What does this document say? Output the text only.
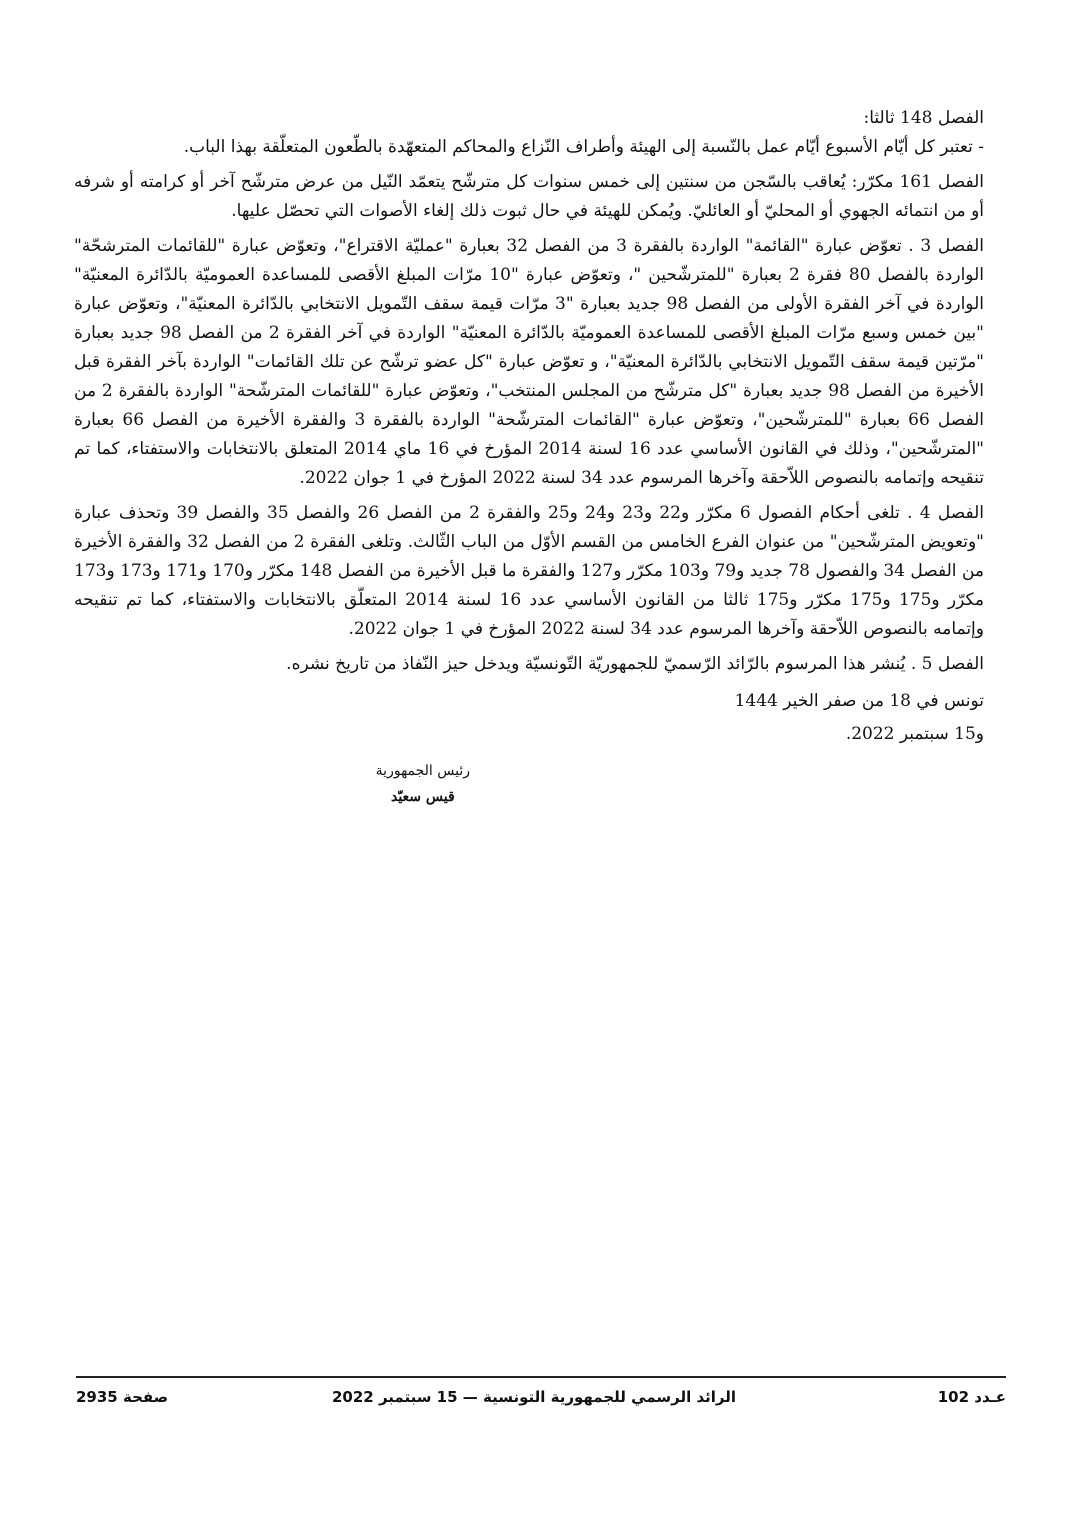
الفصل 148 ثالثا:

- تعتبر كل أيّام الأسبوع أيّام عمل بالنّسبة إلى الهيئة وأطراف النّزاع والمحاكم المتعهّدة بالطّعون المتعلّقة بهذا الباب.

الفصل 161 مكرّر: يُعاقب بالسّجن من سنتين إلى خمس سنوات كل مترشّح يتعمّد النّيل من عرض مترشّح آخر أو كرامته أو شرفه أو من انتمائه الجهوي أو المحليّ أو العائليّ. ويُمكن للهيئة في حال ثبوت ذلك إلغاء الأصوات التي تحصّل عليها.

الفصل 3 . تعوّض عبارة "القائمة" الواردة بالفقرة 3 من الفصل 32 بعبارة "عمليّة الاقتراع"، وتعوّض عبارة "للقائمات المترشحّة" الواردة بالفصل 80 فقرة 2 بعبارة "للمترشّحين "، وتعوّض عبارة "10 مرّات المبلغ الأقصى للمساعدة العموميّة بالدّائرة المعنيّة" الواردة في آخر الفقرة الأولى من الفصل 98 جديد بعبارة "3 مرّات قيمة سقف التّمويل الانتخابي بالدّائرة المعنيّة"، وتعوّض عبارة "بين خمس وسبع مرّات المبلغ الأقصى للمساعدة العموميّة بالدّائرة المعنيّة" الواردة في آخر الفقرة 2 من الفصل 98 جديد بعبارة "مرّتين قيمة سقف التّمويل الانتخابي بالدّائرة المعنيّة"، و تعوّض عبارة "كل عضو ترشّح عن تلك القائمات" الواردة بآخر الفقرة قبل الأخيرة من الفصل 98 جديد بعبارة "كل مترشّح من المجلس المنتخب"، وتعوّض عبارة "للقائمات المترشّحة" الواردة بالفقرة 2 من الفصل 66 بعبارة "للمترشّحين"، وتعوّض عبارة "القائمات المترشّحة" الواردة بالفقرة 3 والفقرة الأخيرة من الفصل 66 بعبارة "المترشّحين"، وذلك في القانون الأساسي عدد 16 لسنة 2014 المؤرخ في 16 ماي 2014 المتعلق بالانتخابات والاستفتاء، كما تم تنقيحه وإتمامه بالنصوص اللاّحقة وآخرها المرسوم عدد 34 لسنة 2022 المؤرخ في 1 جوان 2022.

الفصل 4 . تلغى أحكام الفصول 6 مكرّر و22 و23 و24 و25 والفقرة 2 من الفصل 26 والفصل 35 والفصل 39 وتحذف عبارة "وتعويض المترشّحين" من عنوان الفرع الخامس من القسم الأوّل من الباب الثّالث. وتلغى الفقرة 2 من الفصل 32 والفقرة الأخيرة من الفصل 34 والفصول 78 جديد و79 و103 مكرّر و127 والفقرة ما قبل الأخيرة من الفصل 148 مكرّر و170 و171 و173 و173 مكرّر و175 و175 مكرّر و175 ثالثا من القانون الأساسي عدد 16 لسنة 2014 المتعلّق بالانتخابات والاستفتاء، كما تم تنقيحه وإتمامه بالنصوص اللاّحقة وآخرها المرسوم عدد 34 لسنة 2022 المؤرخ في 1 جوان 2022.

الفصل 5 . يُنشر هذا المرسوم بالرّائد الرّسميّ للجمهوريّة التّونسيّة ويدخل حيز النّفاذ من تاريخ نشره.

تونس في 18 من صفر الخير 1444

و15 سبتمبر 2022.

رئيس الجمهورية
قيس سعيّد
عـدد 102
الرائد الرسمي للجمهورية التونسية — 15 سبتمبر 2022
صفحة 2935
